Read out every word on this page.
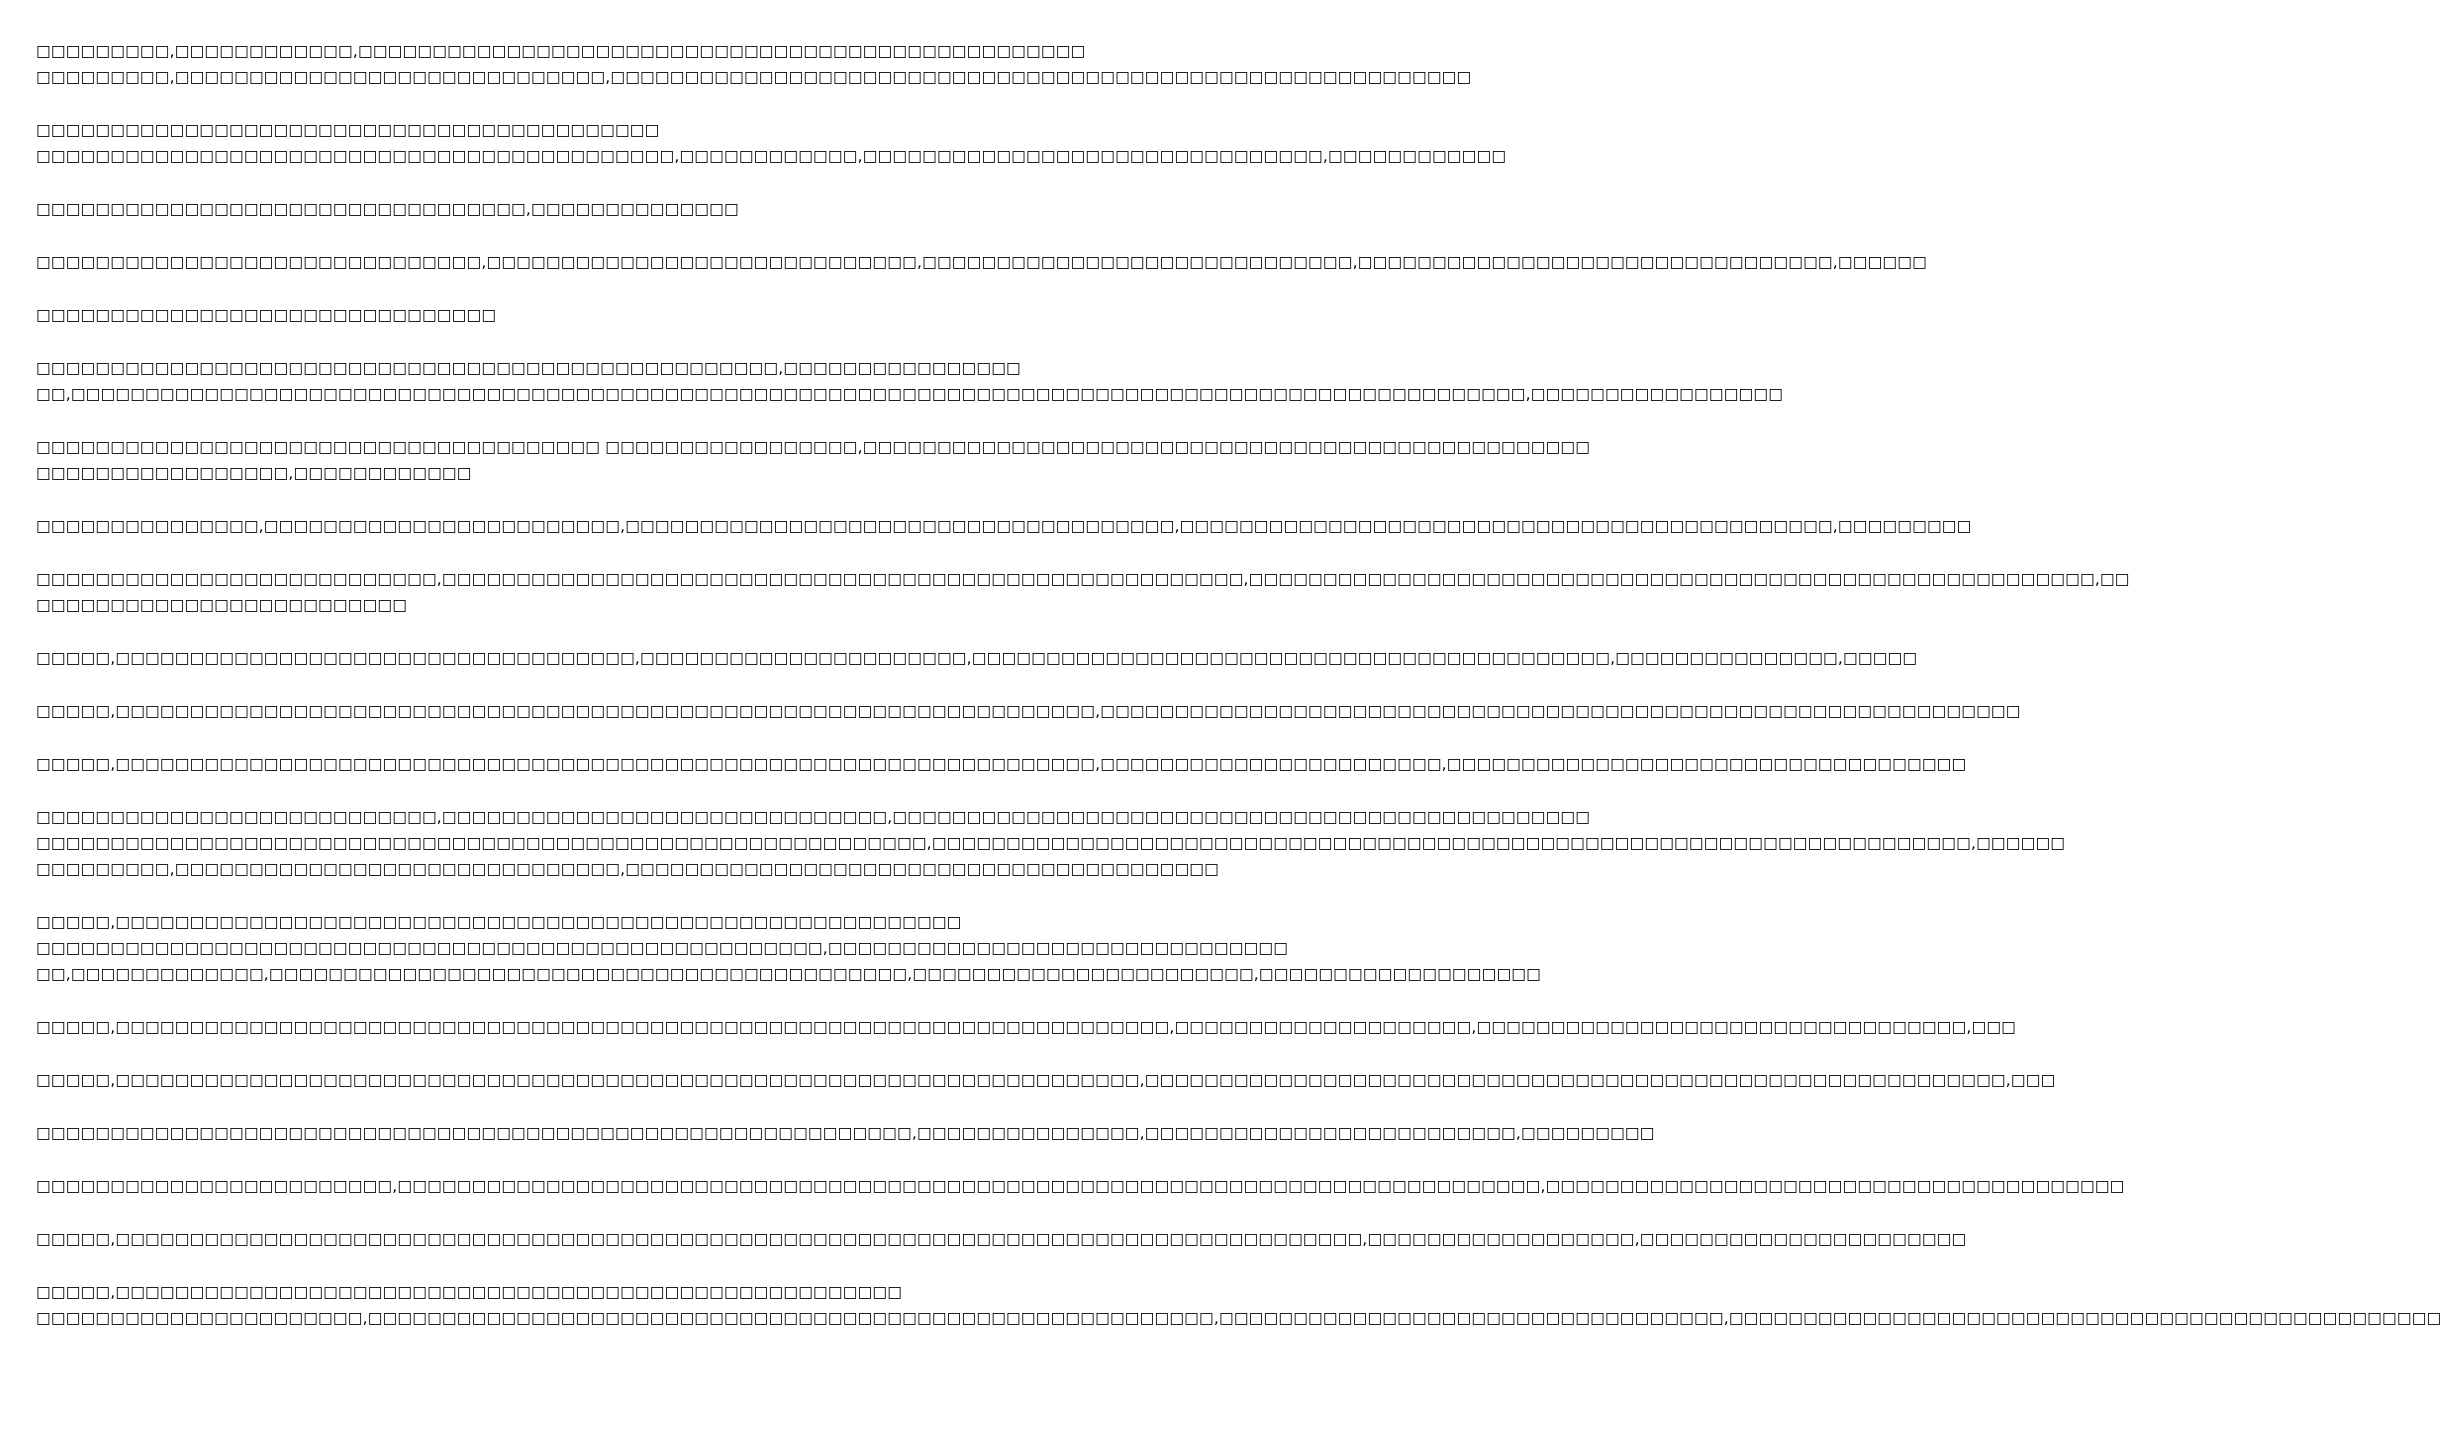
□□□□□□□□□,□□□□□□□□□□□□,□□□□□□□□□□□□□□□□□□□□□□□□□□□□□□□□□□□□□□□□□□□□□□□□□
□□□□□□□□□,□□□□□□□□□□□□□□□□□□□□□□□□□□□□□,□□□□□□□□□□□□□□□□□□□□□□□□□□□□□□□□□□□□□□□□□□□□□□□□□□□□□□□□□□
□□□□□□□□□□□□□□□□□□□□□□□□□□□□□□□□□□□□□□□□□□
□□□□□□□□□□□□□□□□□□□□□□□□□□□□□□□□□□□□□□□□□□□,□□□□□□□□□□□□,□□□□□□□□□□□□□□□□□□□□□□□□□□□□□□□,□□□□□□□□□□□□
□□□□□□□□□□□□□□□□□□□□□□□□□□□□□□□□□,□□□□□□□□□□□□□□
□□□□□□□□□□□□□□□□□□□□□□□□□□□□□□,□□□□□□□□□□□□□□□□□□□□□□□□□□□□□,□□□□□□□□□□□□□□□□□□□□□□□□□□□□□,□□□□□□□□□□□□□□□□□□□□□□□□□□□□□□□□,□□□□□□
□□□□□□□□□□□□□□□□□□□□□□□□□□□□□□□
□□□□□□□□□□□□□□□□□□□□□□□□□□□□□□□□□□□□□□□□□□□□□□□□□□,□□□□□□□□□□□□□□□□
□□,□□□□□□□□□□□□□□□□□□□□□□□□□□□□□□□□□□□□□□□□□□□□□□□□□□□□□□□□□□□□□□□□□□□□□□□□□□□□□□□□□□□□□□□□□□□□□□□□□□,□□□□□□□□□□□□□□□□□
□□□□□□□□□□□□□□□□□□□□□□□□□□□□□□□□□□□□□□ □□□□□□□□□□□□□□□□□,□□□□□□□□□□□□□□□□□□□□□□□□□□□□□□□□□□□□□□□□□□□□□□□□□
□□□□□□□□□□□□□□□□□,□□□□□□□□□□□□
□□□□□□□□□□□□□□□,□□□□□□□□□□□□□□□□□□□□□□□□,□□□□□□□□□□□□□□□□□□□□□□□□□□□□□□□□□□□□□,□□□□□□□□□□□□□□□□□□□□□□□□□□□□□□□□□□□□□□□□□□□□,□□□□□□□□□
□□□□□□□□□□□□□□□□□□□□□□□□□□□,□□□□□□□□□□□□□□□□□□□□□□□□□□□□□□□□□□□□□□□□□□□□□□□□□□□□□□,□□□□□□□□□□□□□□□□□□□□□□□□□□□□□□□□□□□□□□□□□□□□□□□□□□□□□□□□□,□□
□□□□□□□□□□□□□□□□□□□□□□□□□
□□□□□,□□□□□□□□□□□□□□□□□□□□□□□□□□□□□□□□□□□,□□□□□□□□□□□□□□□□□□□□□□,□□□□□□□□□□□□□□□□□□□□□□□□□□□□□□□□□□□□□□□□□□□,□□□□□□□□□□□□□□□,□□□□□
□□□□□,□□□□□□□□□□□□□□□□□□□□□□□□□□□□□□□□□□□□□□□□□□□□□□□□□□□□□□□□□□□□□□□□□□,□□□□□□□□□□□□□□□□□□□□□□□□□□□□□□□□□□□□□□□□□□□□□□□□□□□□□□□□□□□□□□
□□□□□,□□□□□□□□□□□□□□□□□□□□□□□□□□□□□□□□□□□□□□□□□□□□□□□□□□□□□□□□□□□□□□□□□□,□□□□□□□□□□□□□□□□□□□□□□□,□□□□□□□□□□□□□□□□□□□□□□□□□□□□□□□□□□□
□□□□□□□□□□□□□□□□□□□□□□□□□□□,□□□□□□□□□□□□□□□□□□□□□□□□□□□□□□,□□□□□□□□□□□□□□□□□□□□□□□□□□□□□□□□□□□□□□□□□□□□□□□
□□□□□□□□□□□□□□□□□□□□□□□□□□□□□□□□□□□□□□□□□□□□□□□□□□□□□□□□□□□□,□□□□□□□□□□□□□□□□□□□□□□□□□□□□□□□□□□□□□□□□□□□□□□□□□□□□□□□□□□□□□□□□□□□□□□,□□□□□□
□□□□□□□□□,□□□□□□□□□□□□□□□□□□□□□□□□□□□□□□,□□□□□□□□□□□□□□□□□□□□□□□□□□□□□□□□□□□□□□□□
□□□□□,□□□□□□□□□□□□□□□□□□□□□□□□□□□□□□□□□□□□□□□□□□□□□□□□□□□□□□□□□
□□□□□□□□□□□□□□□□□□□□□□□□□□□□□□□□□□□□□□□□□□□□□□□□□□□□□,□□□□□□□□□□□□□□□□□□□□□□□□□□□□□□□
□□,□□□□□□□□□□□□□,□□□□□□□□□□□□□□□□□□□□□□□□□□□□□□□□□□□□□□□□□□□,□□□□□□□□□□□□□□□□□□□□□□□,□□□□□□□□□□□□□□□□□□□
□□□□□,□□□□□□□□□□□□□□□□□□□□□□□□□□□□□□□□□□□□□□□□□□□□□□□□□□□□□□□□□□□□□□□□□□□□□□□,□□□□□□□□□□□□□□□□□□□□,□□□□□□□□□□□□□□□□□□□□□□□□□□□□□□□□□,□□□
□□□□□,□□□□□□□□□□□□□□□□□□□□□□□□□□□□□□□□□□□□□□□□□□□□□□□□□□□□□□□□□□□□□□□□□□□□□,□□□□□□□□□□□□□□□□□□□□□□□□□□□□□□□□□□□□□□□□□□□□□□□□□□□□□□□□□□,□□□
□□□□□□□□□□□□□□□□□□□□□□□□□□□□□□□□□□□□□□□□□□□□□□□□□□□□□□□□□□□,□□□□□□□□□□□□□□□,□□□□□□□□□□□□□□□□□□□□□□□□□,□□□□□□□□□
□□□□□□□□□□□□□□□□□□□□□□□□,□□□□□□□□□□□□□□□□□□□□□□□□□□□□□□□□□□□□□□□□□□□□□□□□□□□□□□□□□□□□□□□□□□□□□□□□□□□□□,□□□□□□□□□□□□□□□□□□□□□□□□□□□□□□□□□□□□□□□
□□□□□,□□□□□□□□□□□□□□□□□□□□□□□□□□□□□□□□□□□□□□□□□□□□□□□□□□□□□□□□□□□□□□□□□□□□□□□□□□□□□□□□□□□□,□□□□□□□□□□□□□□□□□□,□□□□□□□□□□□□□□□□□□□□□□
□□□□□,□□□□□□□□□□□□□□□□□□□□□□□□□□□□□□□□□□□□□□□□□□□□□□□□□□□□□
□□□□□□□□□□□□□□□□□□□□□□,□□□□□□□□□□□□□□□□□□□□□□□□□□□□□□□□□□□□□□□□□□□□□□□□□□□□□□□□□,□□□□□□□□□□□□□□□□□□□□□□□□□□□□□□□□□□,□□□□□□□□□□□□□□□□□□□□□□□□□□□□□□□□□□□□□□□□□□□□□□□□
